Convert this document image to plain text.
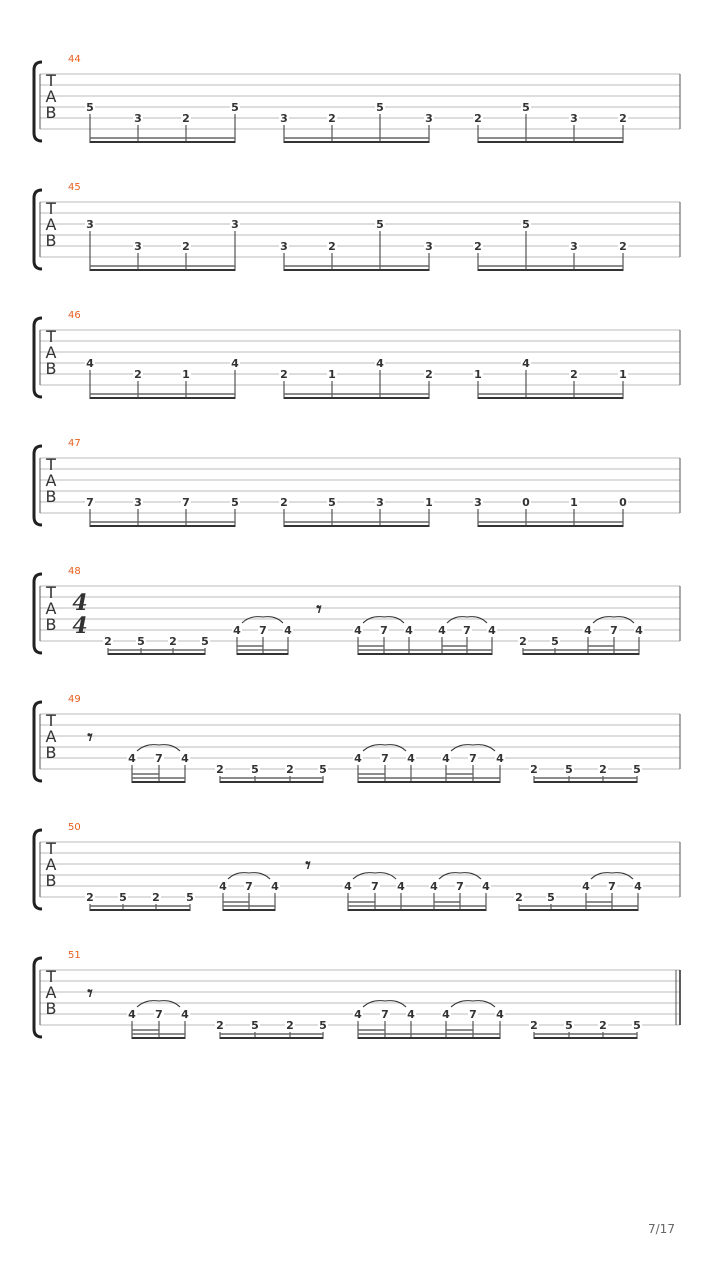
44
T
A
B	5
3	2
5
3	2
5
3	2
5
3	2
45
T
A
B
3
3	2
3
3	2
5
3	2
5
3	2
46
T
A
B	4
2	1
4
2	1
4
2	1
4
2	1
47
T
A
B	7	3	7	5	2	5	3	1	3	0	1	0
48
T
A
B
4
4
𝄾
2 5 2 5
4 7 4	4 7 4 4 7 4
2 5
4 7 4
49
T
A
B
𝄾
4 7 4
2 5 2 5
4 7 4 4 7 4
2 5 2 5
50
T
A
B
𝄾
2 5 2 5
4 7 4	4 7 4 4 7 4
2 5
4 7 4
51
T
A
B
𝄾
4 7 4
2 5 2 5
4 7 4 4 7 4
2 5 2 5
7/17
